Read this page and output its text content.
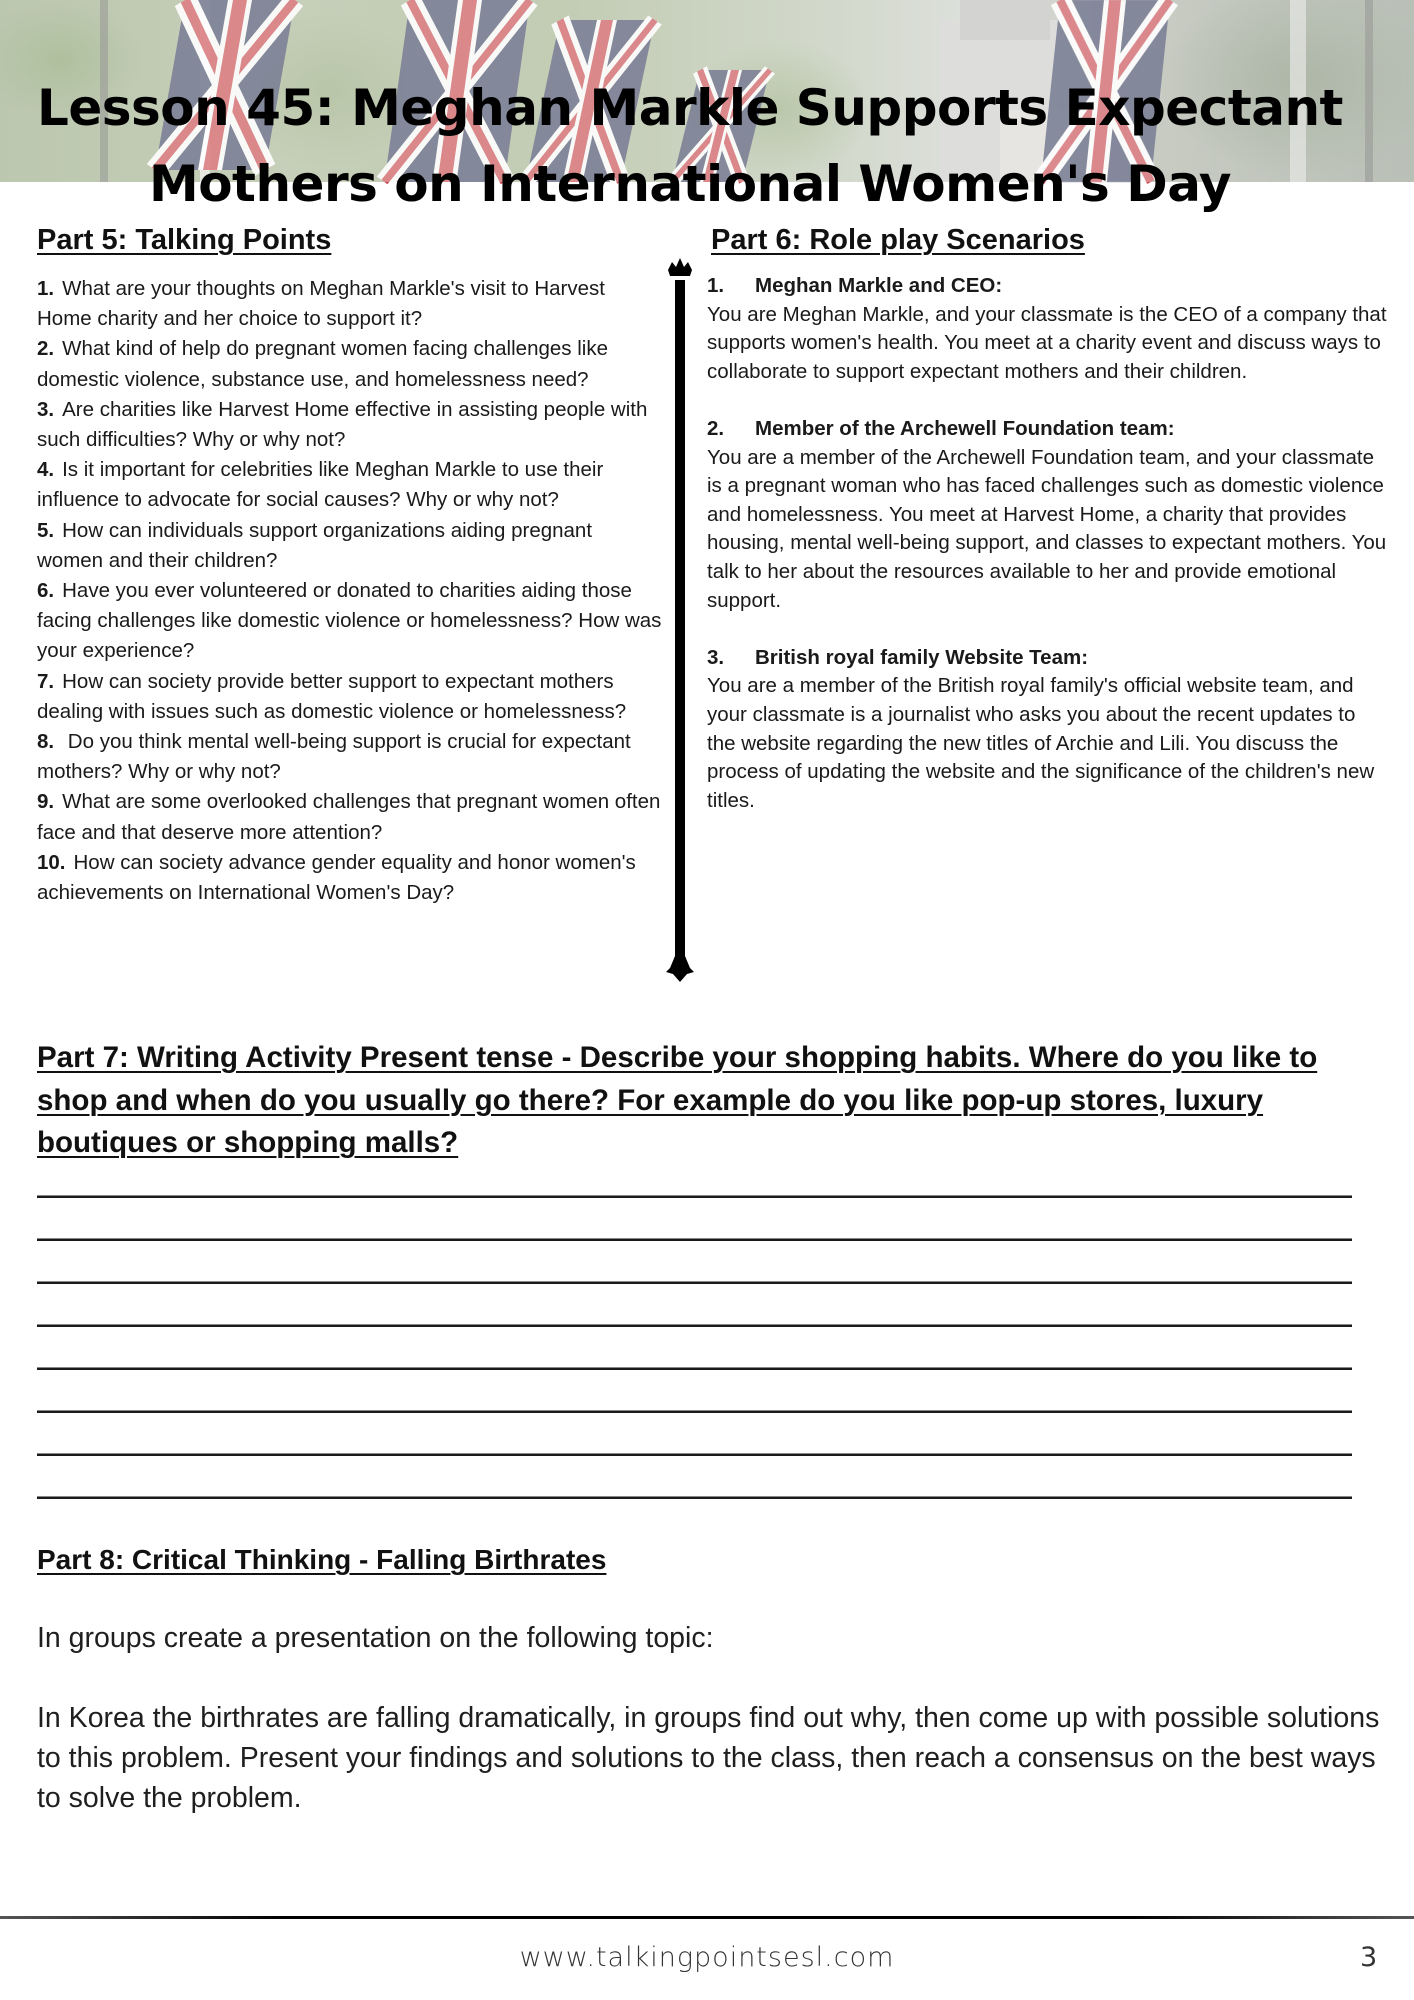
Lesson 45: Meghan Markle Supports Expectant
Mothers on International Women's Day
Part 5: Talking Points
1. What are your thoughts on Meghan Markle's visit to Harvest Home charity and her choice to support it?
2. What kind of help do pregnant women facing challenges like domestic violence, substance use, and homelessness need?
3. Are charities like Harvest Home effective in assisting people with such difficulties? Why or why not?
4. Is it important for celebrities like Meghan Markle to use their influence to advocate for social causes? Why or why not?
5. How can individuals support organizations aiding pregnant women and their children?
6. Have you ever volunteered or donated to charities aiding those facing challenges like domestic violence or homelessness? How was your experience?
7. How can society provide better support to expectant mothers dealing with issues such as domestic violence or homelessness?
8. Do you think mental well-being support is crucial for expectant mothers? Why or why not?
9. What are some overlooked challenges that pregnant women often face and that deserve more attention?
10. How can society advance gender equality and honor women's achievements on International Women's Day?
Part 6: Role play Scenarios
1. Meghan Markle and CEO:
You are Meghan Markle, and your classmate is the CEO of a company that supports women's health. You meet at a charity event and discuss ways to collaborate to support expectant mothers and their children.
2. Member of the Archewell Foundation team:
You are a member of the Archewell Foundation team, and your classmate is a pregnant woman who has faced challenges such as domestic violence and homelessness. You meet at Harvest Home, a charity that provides housing, mental well-being support, and classes to expectant mothers. You talk to her about the resources available to her and provide emotional support.
3. British royal family Website Team:
You are a member of the British royal family's official website team, and your classmate is a journalist who asks you about the recent updates to the website regarding the new titles of Archie and Lili. You discuss the process of updating the website and the significance of the children's new titles.
Part 7: Writing Activity Present tense - Describe your shopping habits. Where do you like to shop and when do you usually go there? For example do you like pop-up stores, luxury boutiques or shopping malls?
Part 8: Critical Thinking - Falling Birthrates

In groups create a presentation on the following topic:

In Korea the birthrates are falling dramatically, in groups find out why, then come up with possible solutions to this problem. Present your findings and solutions to the class, then reach a consensus on the best ways to solve the problem.

www.talkingpointsesl.com	3
